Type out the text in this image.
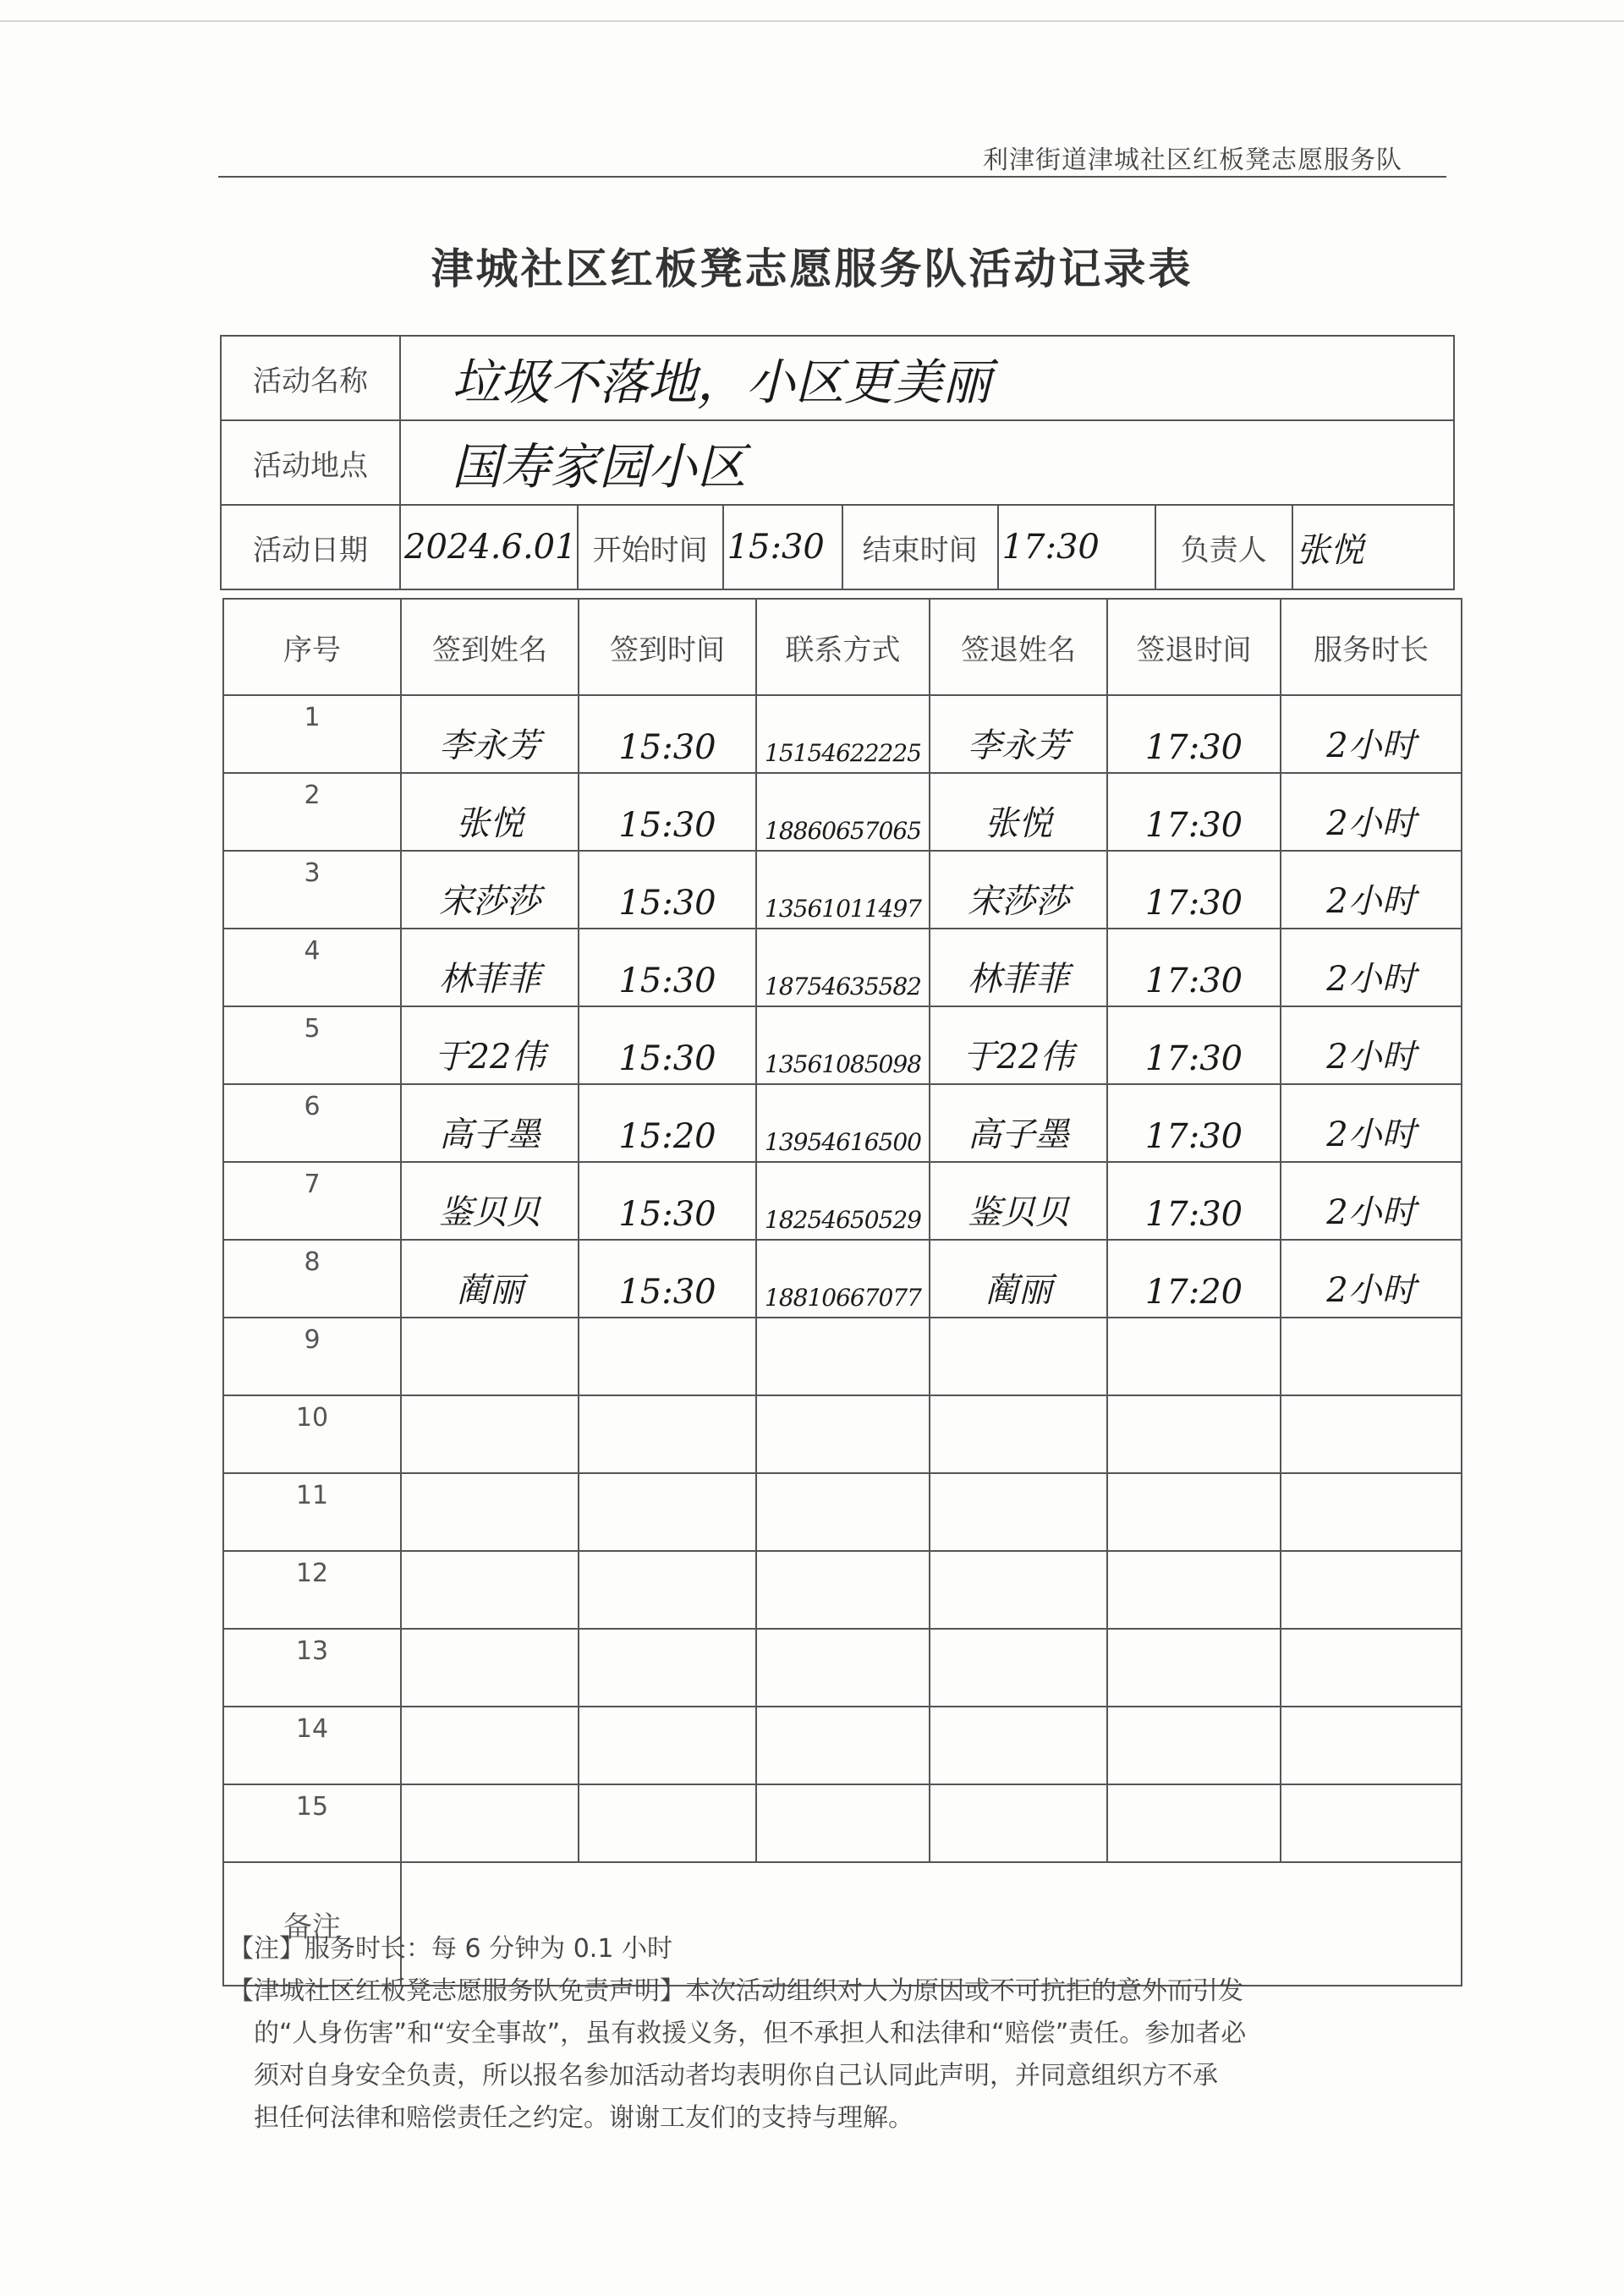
利津街道津城社区红板凳志愿服务队
津城社区红板凳志愿服务队活动记录表
活动名称	垃圾不落地，小区更美丽						
活动地点	国寿家园小区						
活动日期	2024.6.01	开始时间	15:30	结束时间	17:30	负责人	张悦
序号	签到姓名	签到时间	联系方式	签退姓名	签退时间	服务时长
1	李永芳	15:30	15154622225	李永芳	17:30	2小时
2	张悦	15:30	18860657065	张悦	17:30	2小时
3	宋莎莎	15:30	13561011497	宋莎莎	17:30	2小时
4	林菲菲	15:30	18754635582	林菲菲	17:30	2小时
5	于22伟	15:30	13561085098	于22伟	17:30	2小时
6	高子墨	15:20	13954616500	高子墨	17:30	2小时
7	鉴贝贝	15:30	18254650529	鉴贝贝	17:30	2小时
8	蔺丽	15:30	18810667077	蔺丽	17:20	2小时
9						
10						
11						
12						
13						
14						
15						
备注						
【注】服务时长：每 6 分钟为 0.1 小时
【津城社区红板凳志愿服务队免责声明】本次活动组织对人为原因或不可抗拒的意外而引发
的“人身伤害”和“安全事故”，虽有救援义务，但不承担人和法律和“赔偿”责任。参加者必
须对自身安全负责，所以报名参加活动者均表明你自己认同此声明，并同意组织方不承
担任何法律和赔偿责任之约定。谢谢工友们的支持与理解。
